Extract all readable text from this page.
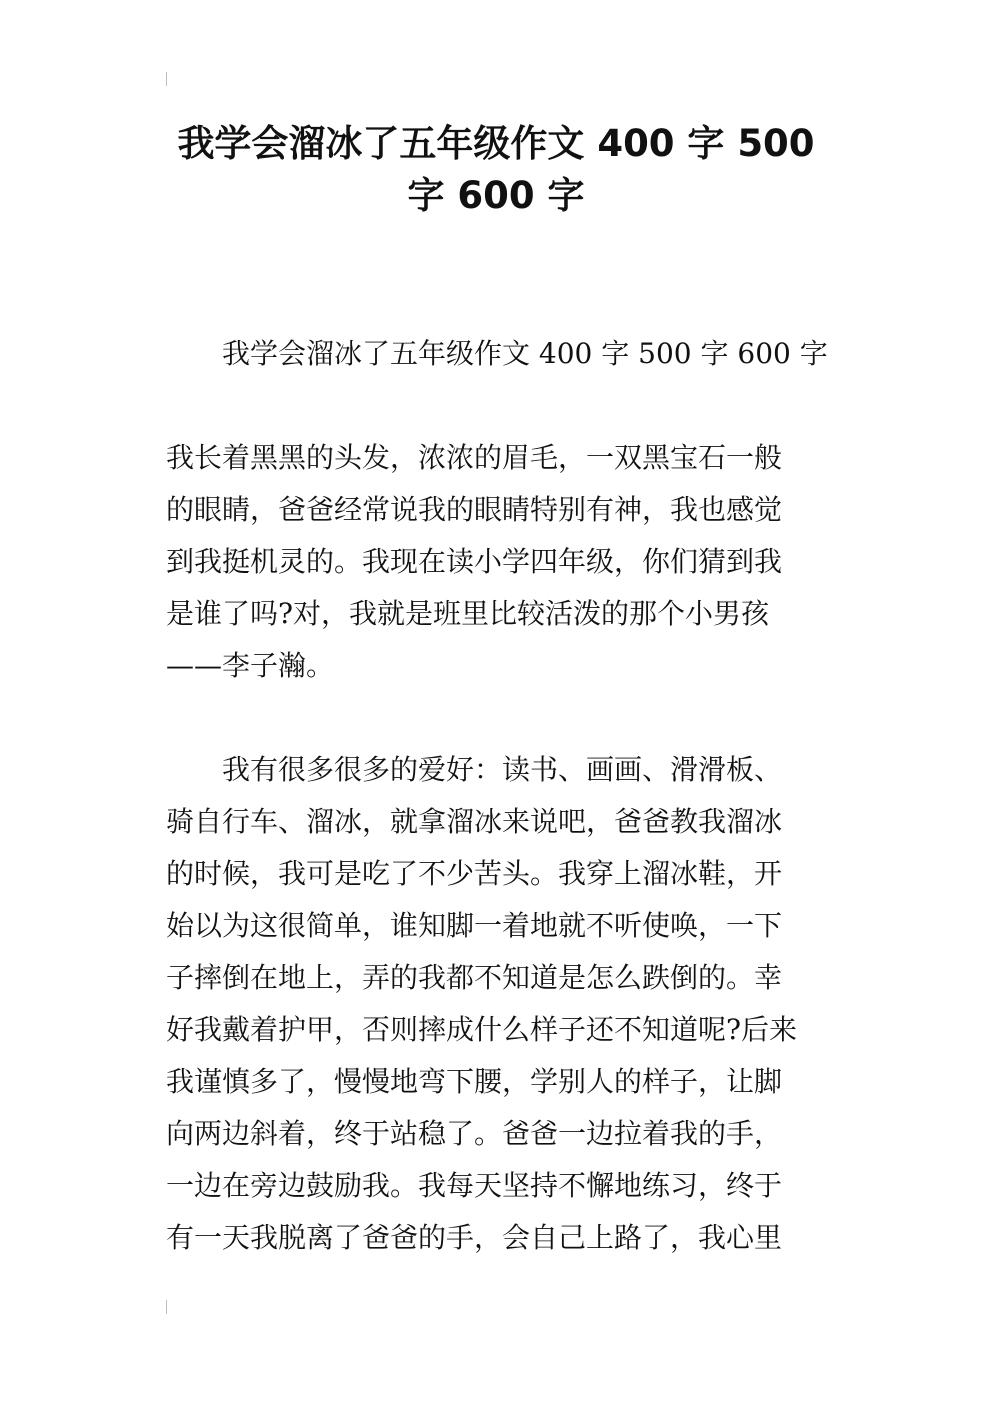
我学会溜冰了五年级作文 400 字 500
字 600 字

我学会溜冰了五年级作文 400 字 500 字 600 字

我长着黑黑的头发，浓浓的眉毛，一双黑宝石一般
的眼睛，爸爸经常说我的眼睛特别有神，我也感觉
到我挺机灵的。我现在读小学四年级，你们猜到我
是谁了吗?对，我就是班里比较活泼的那个小男孩
——李子瀚。

我有很多很多的爱好：读书、画画、滑滑板、
骑自行车、溜冰，就拿溜冰来说吧，爸爸教我溜冰
的时候，我可是吃了不少苦头。我穿上溜冰鞋，开
始以为这很简单，谁知脚一着地就不听使唤，一下
子摔倒在地上，弄的我都不知道是怎么跌倒的。幸
好我戴着护甲，否则摔成什么样子还不知道呢?后来
我谨慎多了，慢慢地弯下腰，学别人的样子，让脚
向两边斜着，终于站稳了。爸爸一边拉着我的手，
一边在旁边鼓励我。我每天坚持不懈地练习，终于
有一天我脱离了爸爸的手，会自己上路了，我心里
